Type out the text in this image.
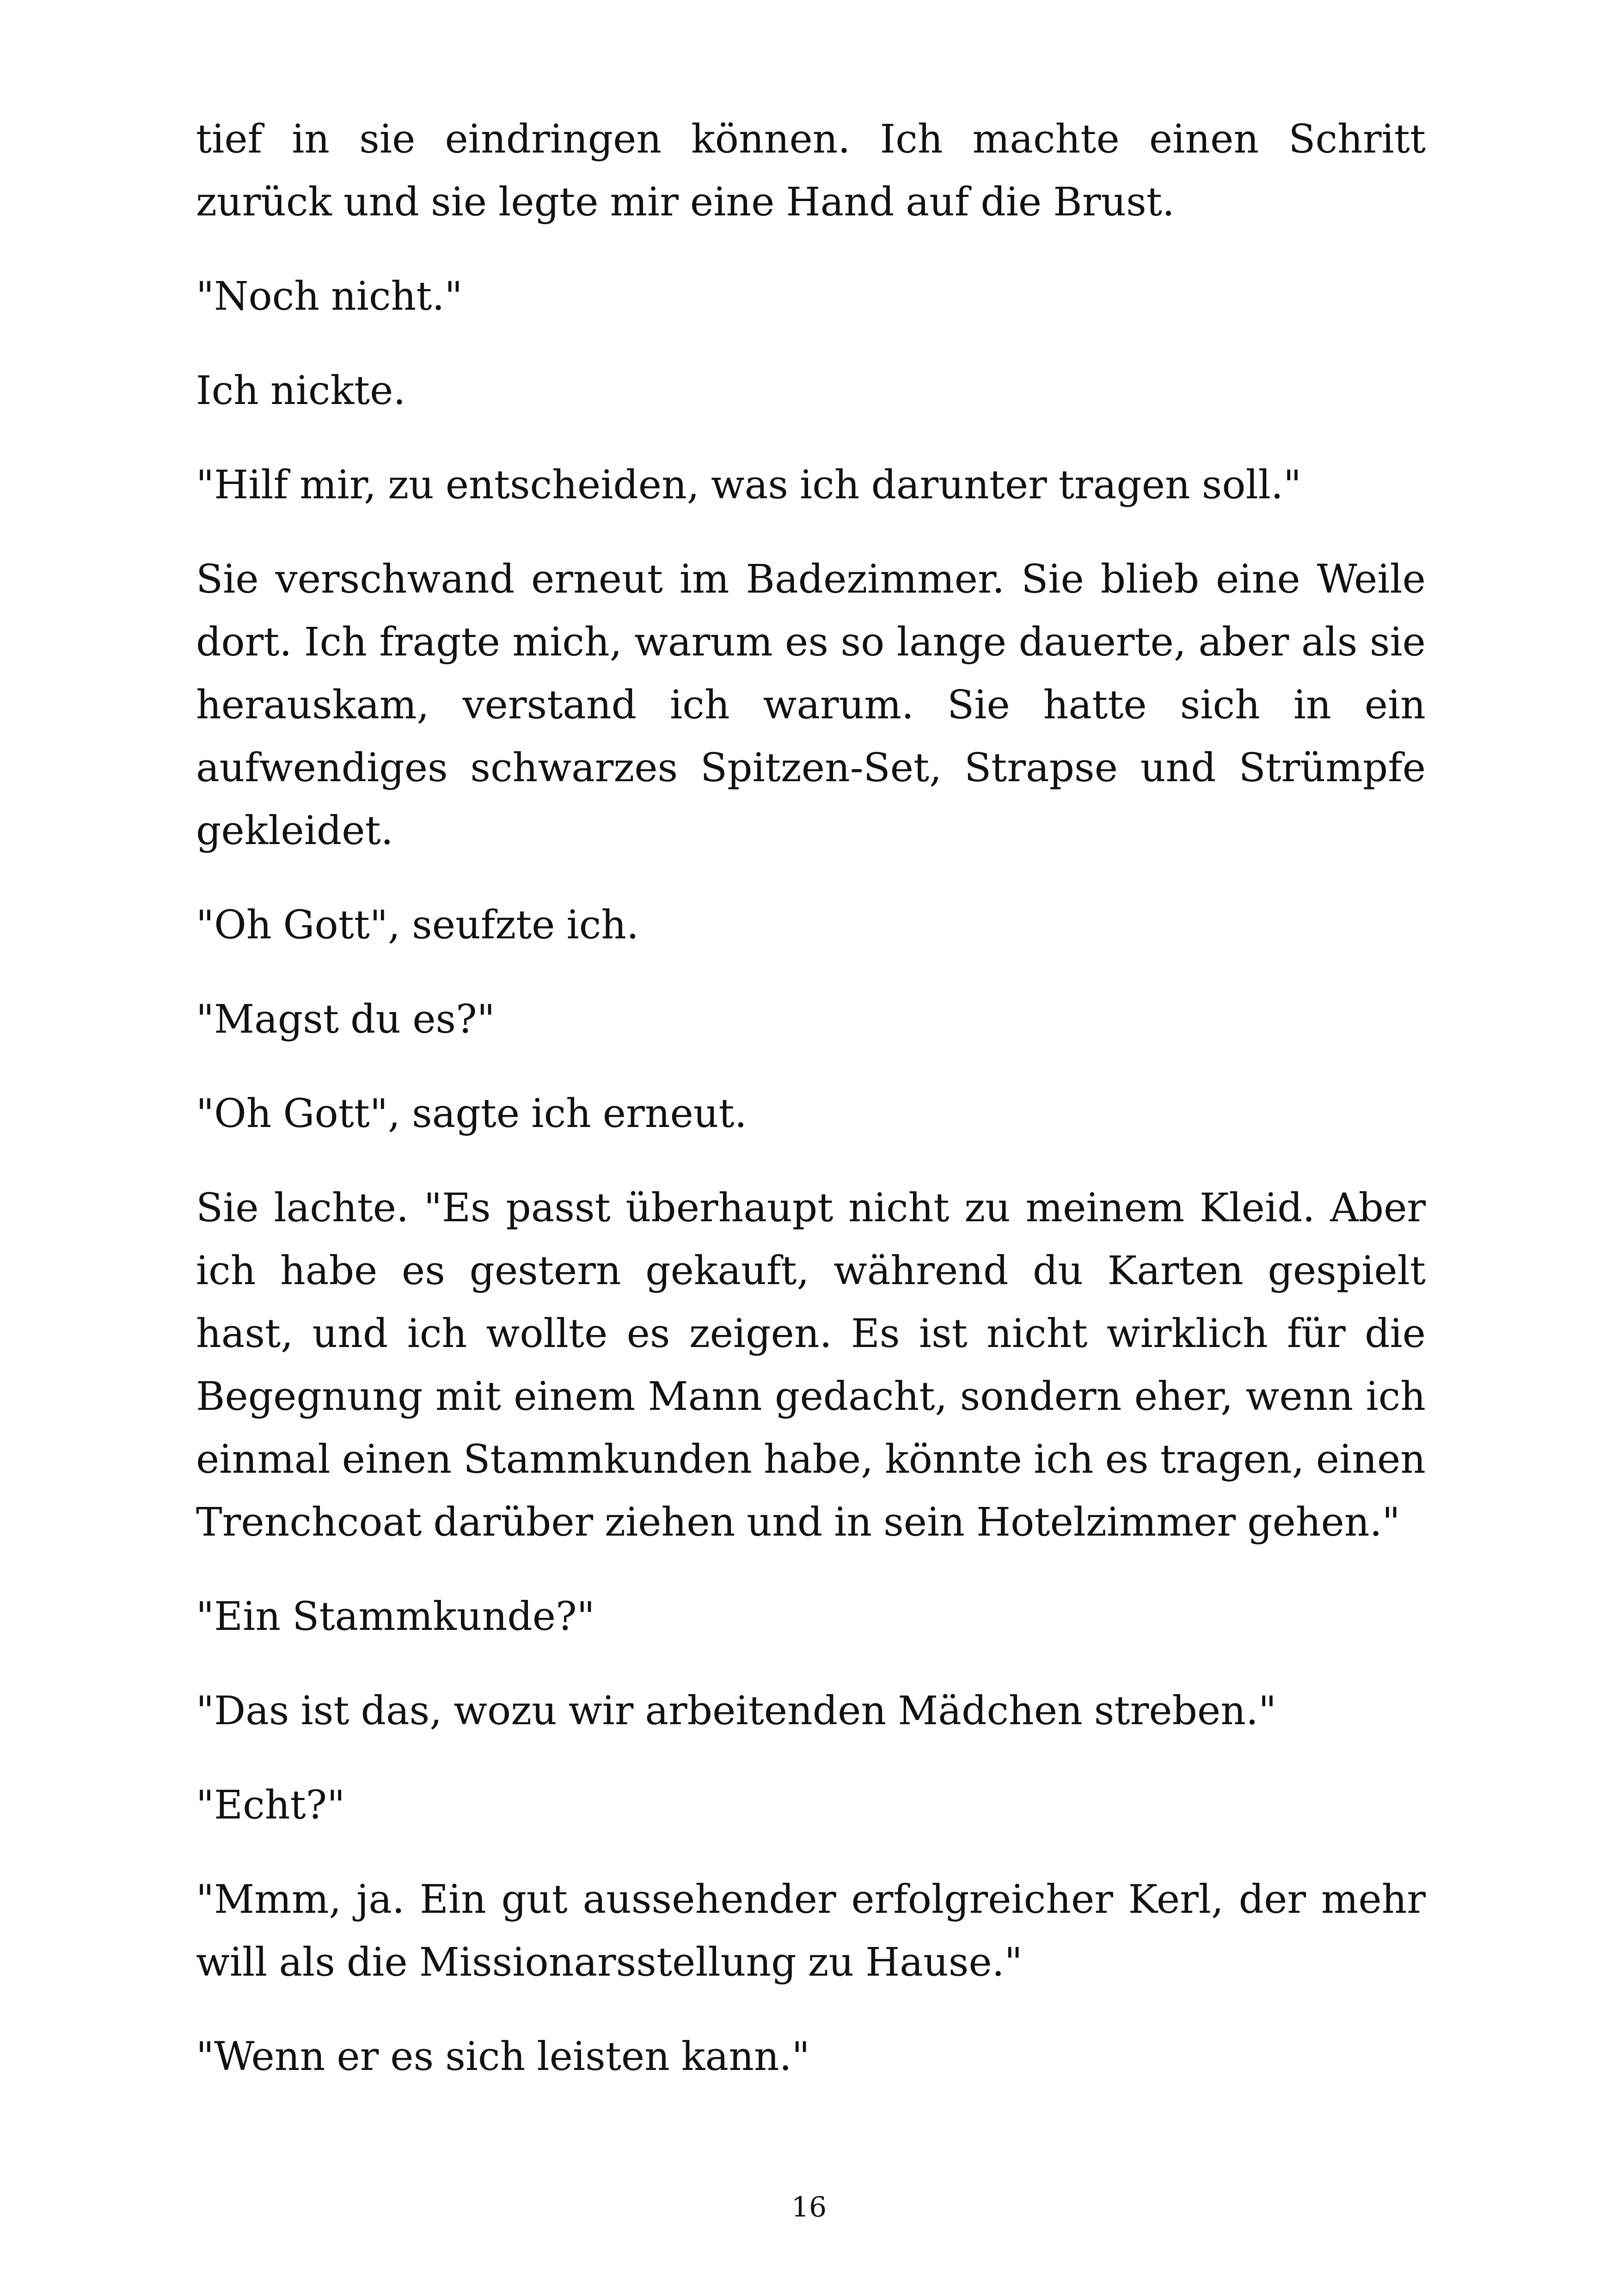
tief in sie eindringen können. Ich machte einen Schritt zurück und sie legte mir eine Hand auf die Brust.

"Noch nicht."

Ich nickte.

"Hilf mir, zu entscheiden, was ich darunter tragen soll."

Sie verschwand erneut im Badezimmer. Sie blieb eine Weile dort. Ich fragte mich, warum es so lange dauerte, aber als sie herauskam, verstand ich warum. Sie hatte sich in ein aufwendiges schwarzes Spitzen-Set, Strapse und Strümpfe gekleidet.

"Oh Gott", seufzte ich.

"Magst du es?"

"Oh Gott", sagte ich erneut.

Sie lachte. "Es passt überhaupt nicht zu meinem Kleid. Aber ich habe es gestern gekauft, während du Karten gespielt hast, und ich wollte es zeigen. Es ist nicht wirklich für die Begegnung mit einem Mann gedacht, sondern eher, wenn ich einmal einen Stammkunden habe, könnte ich es tragen, einen Trenchcoat darüber ziehen und in sein Hotelzimmer gehen."

"Ein Stammkunde?"

"Das ist das, wozu wir arbeitenden Mädchen streben."

"Echt?"

"Mmm, ja. Ein gut aussehender erfolgreicher Kerl, der mehr will als die Missionarsstellung zu Hause."

"Wenn er es sich leisten kann."

16
